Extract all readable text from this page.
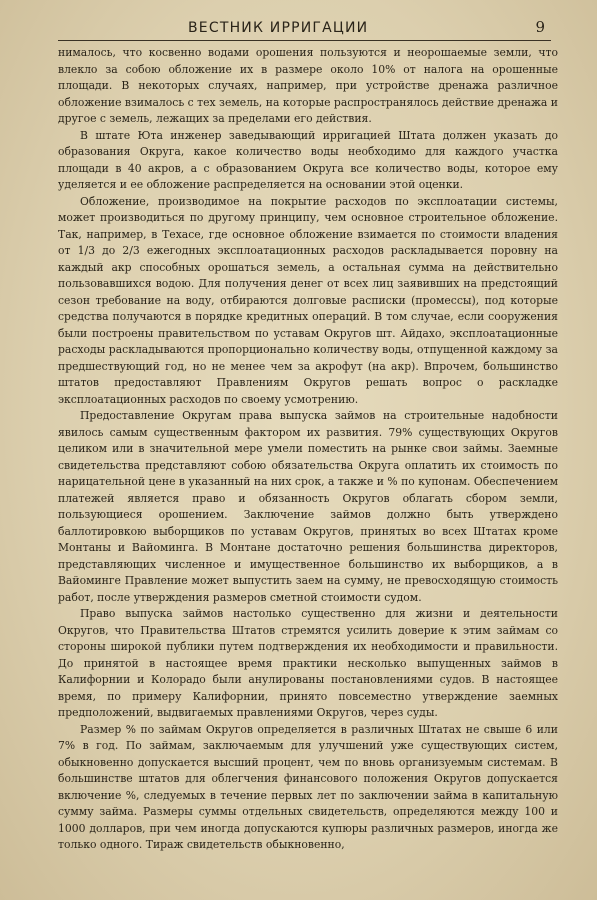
ВЕСТНИК ИРРИГАЦИИ	9

нималось, что косвенно водами орошения пользуются и неорошаемые земли, что влекло за собою обложение их в размере около 10% от налога на орошенные площади. В некоторых случаях, например, при устройстве дренажа различное обложение взималось с тех земель, на которые распространялось действие дренажа и другое с земель, лежащих за пределами его действия.

В штате Юта инженер заведывающий ирригацией Штата должен указать до образования Округа, какое количество воды необходимо для каждого участка площади в 40 акров, а с образованием Округа все количество воды, которое ему уделяется и ее обложение распределяется на основании этой оценки.

Обложение, производимое на покрытие расходов по эксплоатации системы, может производиться по другому принципу, чем основное строительное обложение. Так, например, в Техасе, где основное обложение взимается по стоимости владения от 1/3 до 2/3 ежегодных эксплоатационных расходов раскладывается поровну на каждый акр способных орошаться земель, а остальная сумма на действительно пользовавшихся водою. Для получения денег от всех лиц заявивших на предстоящий сезон требование на воду, отбираются долговые расписки (промессы), под которые средства получаются в порядке кредитных операций. В том случае, если сооружения были построены правительством по уставам Округов шт. Айдахо, эксплоатационные расходы раскладываются пропорционально количеству воды, отпущенной каждому за предшествующий год, но не менее чем за акрофут (на акр). Впрочем, большинство штатов предоставляют Правлениям Округов решать вопрос о раскладке эксплоатационных расходов по своему усмотрению.

Предоставление Округам права выпуска займов на строительные надобности явилось самым существенным фактором их развития. 79% существующих Округов целиком или в значительной мере умели поместить на рынке свои займы. Заемные свидетельства представляют собою обязательства Округа оплатить их стоимость по нарицательной цене в указанный на них срок, а также и % по купонам. Обеспечением платежей является право и обязанность Округов облагать сбором земли, пользующиеся орошением. Заключение займов должно быть утверждено баллотировкою выборщиков по уставам Округов, принятых во всех Штатах кроме Монтаны и Вайоминга. В Монтане достаточно решения большинства директоров, представляющих численное и имущественное большинство их выборщиков, а в Вайоминге Правление может выпустить заем на сумму, не превосходящую стоимость работ, после утверждения размеров сметной стоимости судом.

Право выпуска займов настолько существенно для жизни и деятельности Округов, что Правительства Штатов стремятся усилить доверие к этим займам со стороны широкой публики путем подтверждения их необходимости и правильности. До принятой в настоящее время практики несколько выпущенных займов в Калифорнии и Колорадо были анулированы постановлениями судов. В настоящее время, по примеру Калифорнии, принято повсеместно утверждение заемных предположений, выдвигаемых правлениями Округов, через суды.

Размер % по займам Округов определяется в различных Штатах не свыше 6 или 7% в год. По займам, заключаемым для улучшений уже существующих систем, обыкновенно допускается высший процент, чем по вновь организуемым системам. В большинстве штатов для облегчения финансового положения Округов допускается включение %, следуемых в течение первых лет по заключении займа в капитальную сумму займа. Размеры суммы отдельных свидетельств, определяются между 100 и 1000 долларов, при чем иногда допускаются купюры различных размеров, иногда же только одного. Тираж свидетельств обыкновенно,
